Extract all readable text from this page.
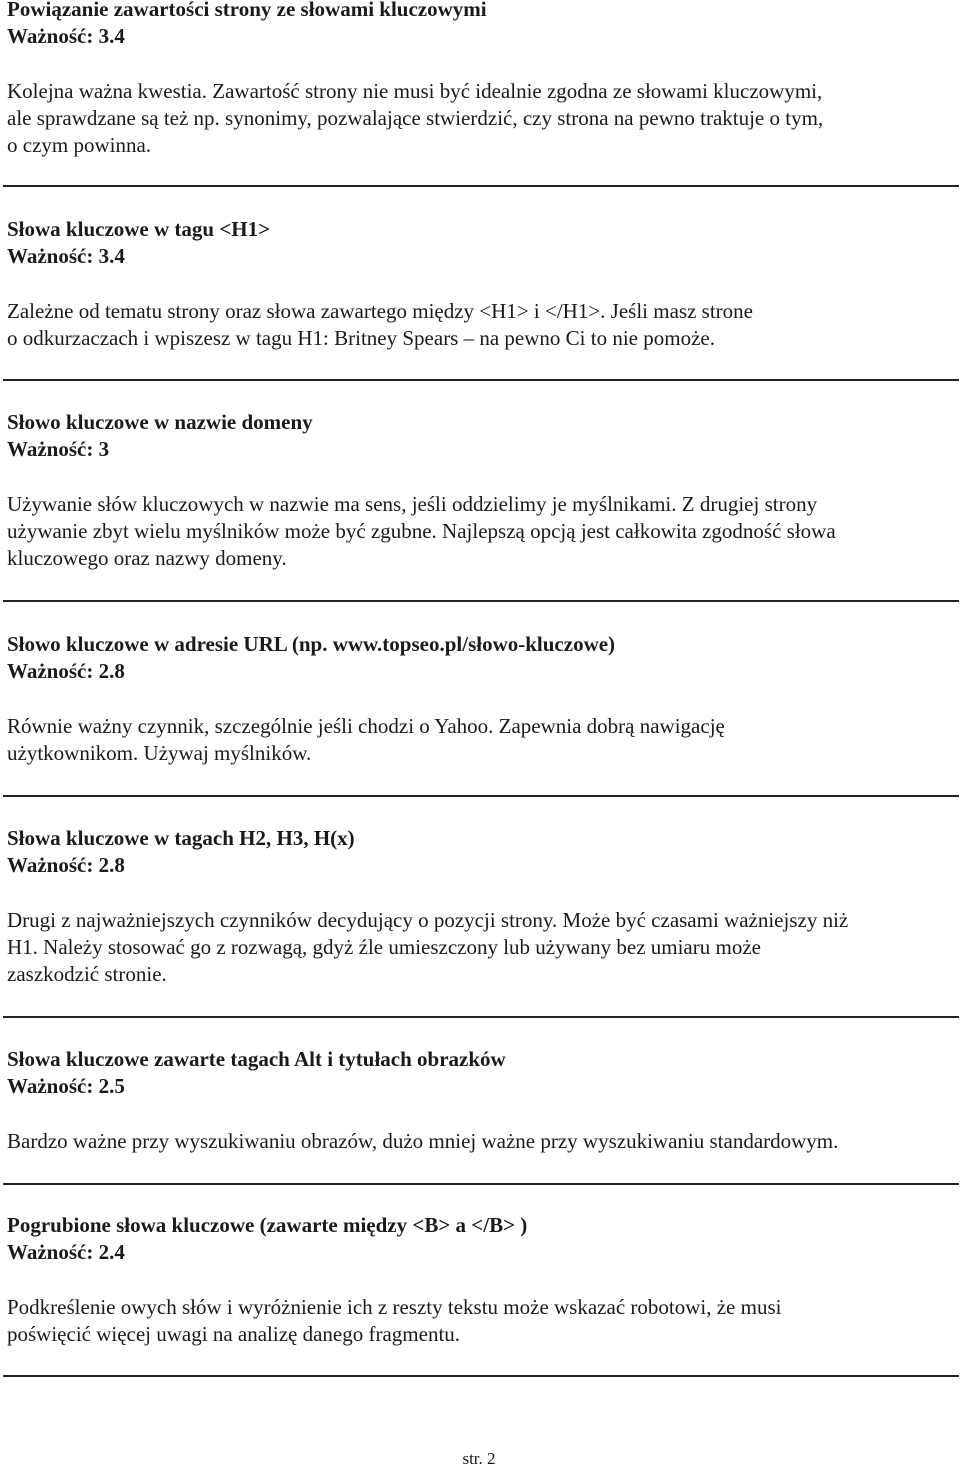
Powiązanie zawartości strony ze słowami kluczowymi

Ważność: 3.4

Kolejna ważna kwestia. Zawartość strony nie musi być idealnie zgodna ze słowami kluczowymi,
ale sprawdzane są też np. synonimy, pozwalające stwierdzić, czy strona na pewno traktuje o tym,
o czym powinna.

Słowa kluczowe w tagu <H1>

Ważność: 3.4

Zależne od tematu strony oraz słowa zawartego między <H1> i </H1>. Jeśli masz strone
o odkurzaczach i wpiszesz w tagu H1: Britney Spears – na pewno Ci to nie pomoże.

Słowo kluczowe w nazwie domeny

Ważność: 3

Używanie słów kluczowych w nazwie ma sens, jeśli oddzielimy je myślnikami. Z drugiej strony
używanie zbyt wielu myślników może być zgubne. Najlepszą opcją jest całkowita zgodność słowa
kluczowego oraz nazwy domeny.

Słowo kluczowe w adresie URL (np. www.topseo.pl/słowo-kluczowe)

Ważność: 2.8

Równie ważny czynnik, szczególnie jeśli chodzi o Yahoo. Zapewnia dobrą nawigację
użytkownikom. Używaj myślników.

Słowa kluczowe w tagach H2, H3, H(x)

Ważność: 2.8

Drugi z najważniejszych czynników decydujący o pozycji strony. Może być czasami ważniejszy niż
H1. Należy stosować go z rozwagą, gdyż źle umieszczony lub używany bez umiaru może
zaszkodzić stronie.

Słowa kluczowe zawarte tagach Alt i tytułach obrazków

Ważność: 2.5

Bardzo ważne przy wyszukiwaniu obrazów, dużo mniej ważne przy wyszukiwaniu standardowym.

Pogrubione słowa kluczowe (zawarte między <B> a </B> )

Ważność: 2.4

Podkreślenie owych słów i wyróżnienie ich z reszty tekstu może wskazać robotowi, że musi
poświęcić więcej uwagi na analizę danego fragmentu.

str. 2
